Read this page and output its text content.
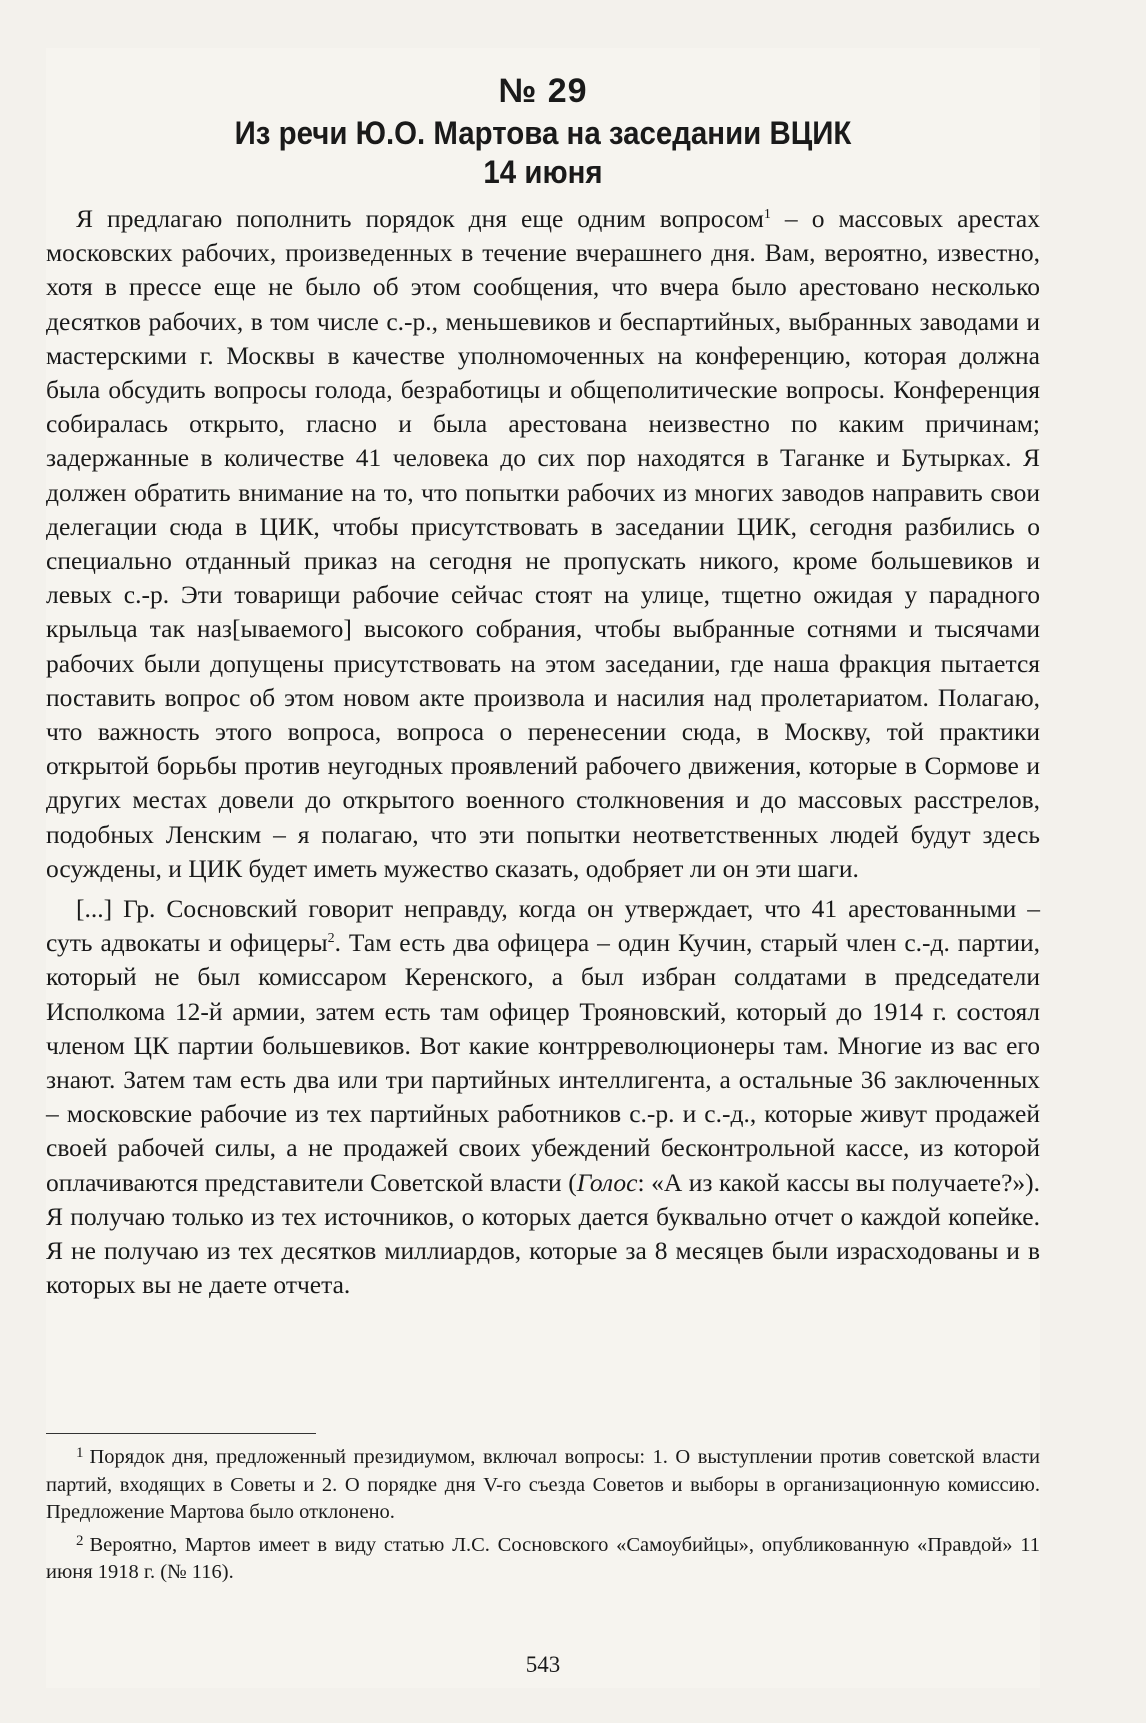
№ 29
Из речи Ю.О. Мартова на заседании ВЦИК
14 июня

Я предлагаю пополнить порядок дня еще одним вопросом$^1$ – о массовых арестах московских рабочих, произведенных в течение вчерашнего дня. Вам, вероятно, известно, хотя в прессе еще не было об этом сообщения, что вчера было арестовано несколько десятков рабочих, в том числе с.-р., меньшевиков и беспартийных, выбранных заводами и мастерскими г. Москвы в качестве уполномоченных на конференцию, которая должна была обсудить вопросы голода, безработицы и общеполитические вопросы. Конференция собиралась открыто, гласно и была арестована неизвестно по каким причинам; задержанные в количестве 41 человека до сих пор находятся в Таганке и Бутырках. Я должен обратить внимание на то, что попытки рабочих из многих заводов направить свои делегации сюда в ЦИК, чтобы присутствовать в заседании ЦИК, сегодня разбились о специально отданный приказ на сегодня не пропускать никого, кроме большевиков и левых с.-р. Эти товарищи рабочие сейчас стоят на улице, тщетно ожидая у парадного крыльца так наз[ываемого] высокого собрания, чтобы выбранные сотнями и тысячами рабочих были допущены присутствовать на этом заседании, где наша фракция пытается поставить вопрос об этом новом акте произвола и насилия над пролетариатом. Полагаю, что важность этого вопроса, вопроса о перенесении сюда, в Москву, той практики открытой борьбы против неугодных проявлений рабочего движения, которые в Сормове и других местах довели до открытого военного столкновения и до массовых расстрелов, подобных Ленским – я полагаю, что эти попытки неответственных людей будут здесь осуждены, и ЦИК будет иметь мужество сказать, одобряет ли он эти шаги.

[...] Гр. Сосновский говорит неправду, когда он утверждает, что 41 арестованными – суть адвокаты и офицеры$^2$. Там есть два офицера – один Кучин, старый член с.-д. партии, который не был комиссаром Керенского, а был избран солдатами в председатели Исполкома 12-й армии, затем есть там офицер Трояновский, который до 1914 г. состоял членом ЦК партии большевиков. Вот какие контрреволюционеры там. Многие из вас его знают. Затем там есть два или три партийных интеллигента, а остальные 36 заключенных – московские рабочие из тех партийных работников с.-р. и с.-д., которые живут продажей своей рабочей силы, а не продажей своих убеждений бесконтрольной кассе, из которой оплачиваются представители Советской власти (Голос: «А из какой кассы вы получаете?»). Я получаю только из тех источников, о которых дается буквально отчет о каждой копейке. Я не получаю из тех десятков миллиардов, которые за 8 месяцев были израсходованы и в которых вы не даете отчета.

$^1$ Порядок дня, предложенный президиумом, включал вопросы: 1. О выступлении против советской власти партий, входящих в Советы и 2. О порядке дня V-го съезда Советов и выборы в организационную комиссию. Предложение Мартова было отклонено.

$^2$ Вероятно, Мартов имеет в виду статью Л.С. Сосновского «Самоубийцы», опубликованную «Правдой» 11 июня 1918 г. (№ 116).

543
